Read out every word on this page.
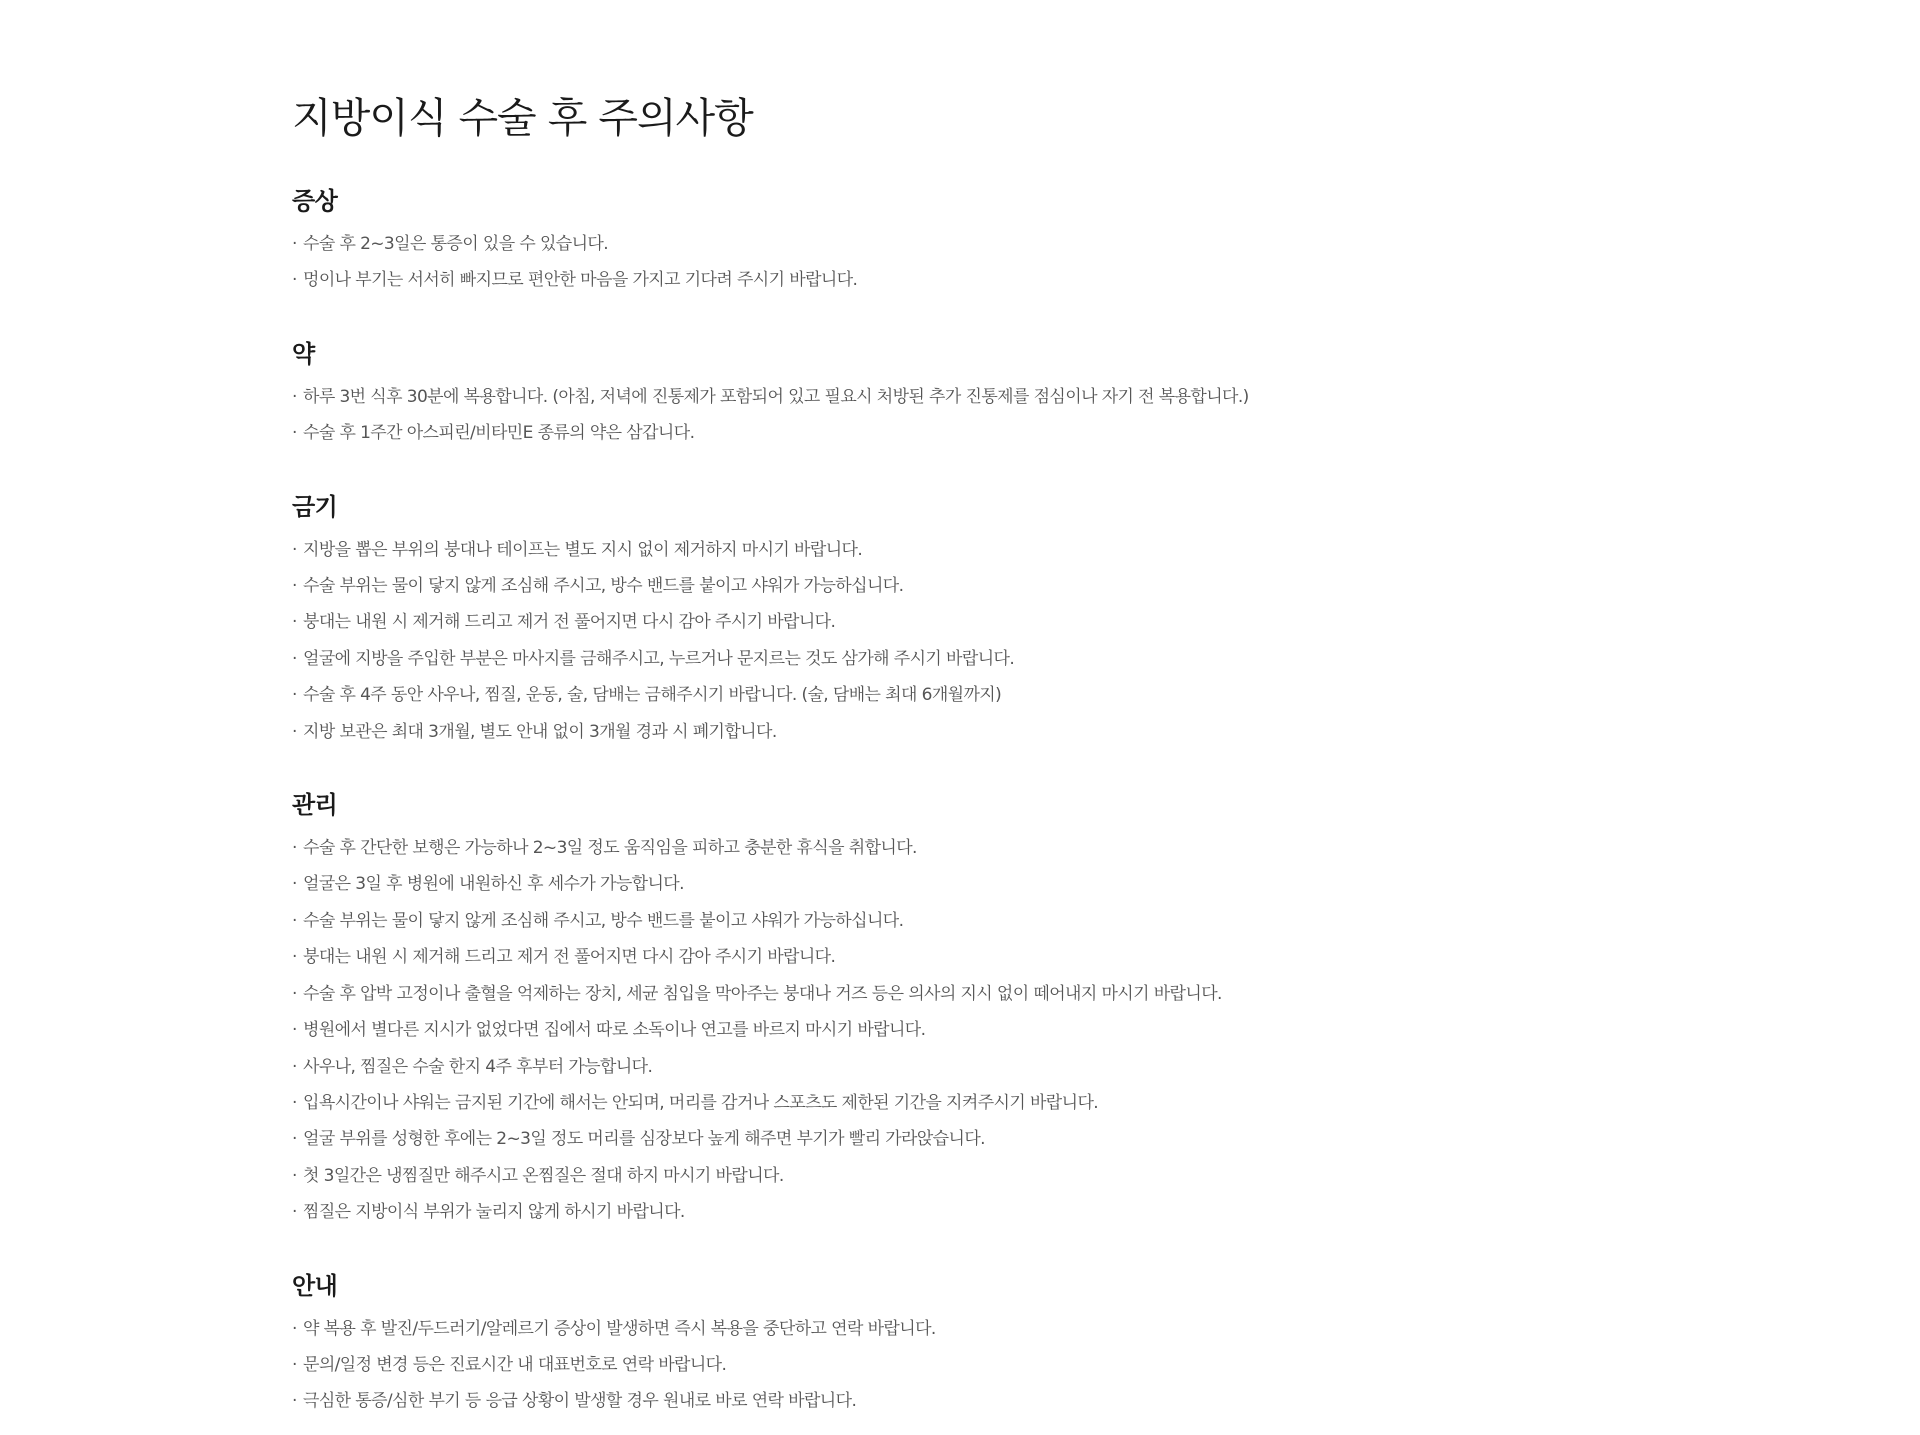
지방이식 수술 후 주의사항
증상
· 수술 후 2~3일은 통증이 있을 수 있습니다.
· 멍이나 부기는 서서히 빠지므로 편안한 마음을 가지고 기다려 주시기 바랍니다.
약
· 하루 3번 식후 30분에 복용합니다. (아침, 저녁에 진통제가 포함되어 있고 필요시 처방된 추가 진통제를 점심이나 자기 전 복용합니다.)
· 수술 후 1주간 아스피린/비타민E 종류의 약은 삼갑니다.
금기
· 지방을 뽑은 부위의 붕대나 테이프는 별도 지시 없이 제거하지 마시기 바랍니다.
· 수술 부위는 물이 닿지 않게 조심해 주시고, 방수 밴드를 붙이고 샤워가 가능하십니다.
· 붕대는 내원 시 제거해 드리고 제거 전 풀어지면 다시 감아 주시기 바랍니다.
· 얼굴에 지방을 주입한 부분은 마사지를 금해주시고, 누르거나 문지르는 것도 삼가해 주시기 바랍니다.
· 수술 후 4주 동안 사우나, 찜질, 운동, 술, 담배는 금해주시기 바랍니다. (술, 담배는 최대 6개월까지)
· 지방 보관은 최대 3개월, 별도 안내 없이 3개월 경과 시 폐기합니다.
관리
· 수술 후 간단한 보행은 가능하나 2~3일 정도 움직임을 피하고 충분한 휴식을 취합니다.
· 얼굴은 3일 후 병원에 내원하신 후 세수가 가능합니다.
· 수술 부위는 물이 닿지 않게 조심해 주시고, 방수 밴드를 붙이고 샤워가 가능하십니다.
· 붕대는 내원 시 제거해 드리고 제거 전 풀어지면 다시 감아 주시기 바랍니다.
· 수술 후 압박 고정이나 출혈을 억제하는 장치, 세균 침입을 막아주는 붕대나 거즈 등은 의사의 지시 없이 떼어내지 마시기 바랍니다.
· 병원에서 별다른 지시가 없었다면 집에서 따로 소독이나 연고를 바르지 마시기 바랍니다.
· 사우나, 찜질은 수술 한지 4주 후부터 가능합니다.
· 입욕시간이나 샤워는 금지된 기간에 해서는 안되며, 머리를 감거나 스포츠도 제한된 기간을 지켜주시기 바랍니다.
· 얼굴 부위를 성형한 후에는 2~3일 정도 머리를 심장보다 높게 해주면 부기가 빨리 가라앉습니다.
· 첫 3일간은 냉찜질만 해주시고 온찜질은 절대 하지 마시기 바랍니다.
· 찜질은 지방이식 부위가 눌리지 않게 하시기 바랍니다.
안내
· 약 복용 후 발진/두드러기/알레르기 증상이 발생하면 즉시 복용을 중단하고 연락 바랍니다.
· 문의/일정 변경 등은 진료시간 내 대표번호로 연락 바랍니다.
· 극심한 통증/심한 부기 등 응급 상황이 발생할 경우 원내로 바로 연락 바랍니다.
